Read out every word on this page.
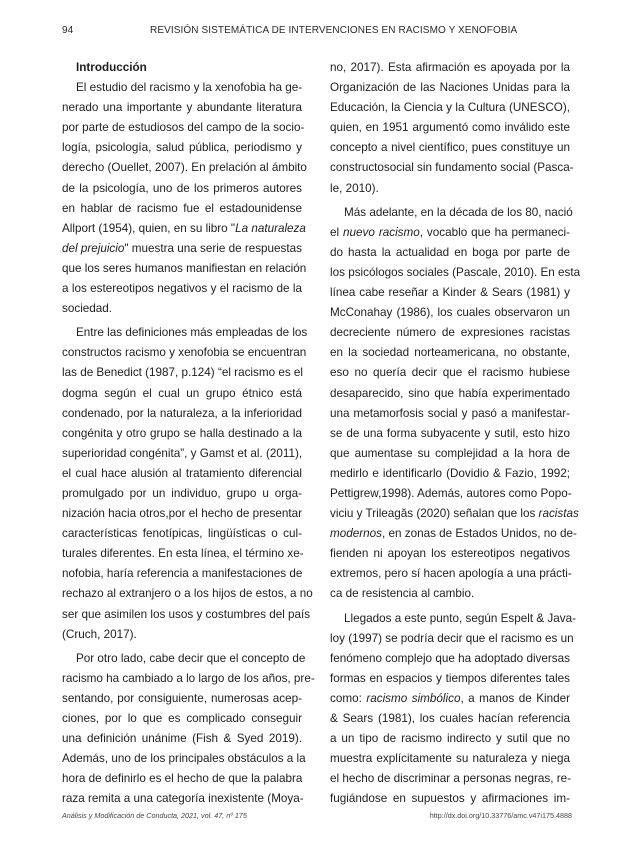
94	REVISIÓN SISTEMÁTICA DE INTERVENCIONES EN RACISMO Y XENOFOBIA
Introducción
El estudio del racismo y la xenofobia ha ge-
nerado una importante y abundante literatura
por parte de estudiosos del campo de la socio-
logía, psicología, salud pública, periodismo y
derecho (Ouellet, 2007). En prelación al ámbito
de la psicología, uno de los primeros autores
en hablar de racismo fue el estadounidense
Allport (1954), quien, en su libro "La naturaleza
del prejuicio" muestra una serie de respuestas
que los seres humanos manifiestan en relación
a los estereotipos negativos y el racismo de la
sociedad.
Entre las definiciones más empleadas de los
constructos racismo y xenofobia se encuentran
las de Benedict (1987, p.124) “el racismo es el
dogma según el cual un grupo étnico está
condenado, por la naturaleza, a la inferioridad
congénita y otro grupo se halla destinado a la
superioridad congénita”, y Gamst et al. (2011),
el cual hace alusión al tratamiento diferencial
promulgado por un individuo, grupo u orga-
nización hacia otros,por el hecho de presentar
características fenotípicas, lingüísticas o cul-
turales diferentes. En esta línea, el término xe-
nofobia, haría referencia a manifestaciones de
rechazo al extranjero o a los hijos de estos, a no
ser que asimilen los usos y costumbres del país
(Cruch, 2017).
Por otro lado, cabe decir que el concepto de
racismo ha cambiado a lo largo de los años, pre-
sentando, por consiguiente, numerosas acep-
ciones, por lo que es complicado conseguir
una definición unánime (Fish & Syed 2019).
Además, uno de los principales obstáculos a la
hora de definirlo es el hecho de que la palabra
raza remita a una categoría inexistente (Moya-
no, 2017). Esta afirmación es apoyada por la
Organización de las Naciones Unidas para la
Educación, la Ciencia y la Cultura (UNESCO),
quien, en 1951 argumentó como inválido este
concepto a nivel científico, pues constituye un
constructosocial sin fundamento social (Pasca-
le, 2010).
Más adelante, en la década de los 80, nació
el nuevo racismo, vocablo que ha permaneci-
do hasta la actualidad en boga por parte de
los psicólogos sociales (Pascale, 2010). En esta
línea cabe reseñar a Kinder & Sears (1981) y
McConahay (1986), los cuales observaron un
decreciente número de expresiones racistas
en la sociedad norteamericana, no obstante,
eso no quería decir que el racismo hubiese
desaparecido, sino que había experimentado
una metamorfosis social y pasó a manifestar-
se de una forma subyacente y sutil, esto hizo
que aumentase su complejidad a la hora de
medirlo e identificarlo (Dovidio & Fazio, 1992;
Pettigrew,1998). Además, autores como Popo-
viciu y Trileagăs (2020) señalan que los racistas
modernos, en zonas de Estados Unidos, no de-
fienden ni apoyan los estereotipos negativos
extremos, pero sí hacen apología a una prácti-
ca de resistencia al cambio.
Llegados a este punto, según Espelt & Java-
loy (1997) se podría decir que el racismo es un
fenómeno complejo que ha adoptado diversas
formas en espacios y tiempos diferentes tales
como: racismo simbólico, a manos de Kinder
& Sears (1981), los cuales hacían referencia
a un tipo de racismo indirecto y sutil que no
muestra explícitamente su naturaleza y niega
el hecho de discriminar a personas negras, re-
fugiándose en supuestos y afirmaciones im-
Análisis y Modificación de Conducta, 2021, vol. 47, nº 175	http://dx.doi.org/10.33776/amc.v47i175.4888
